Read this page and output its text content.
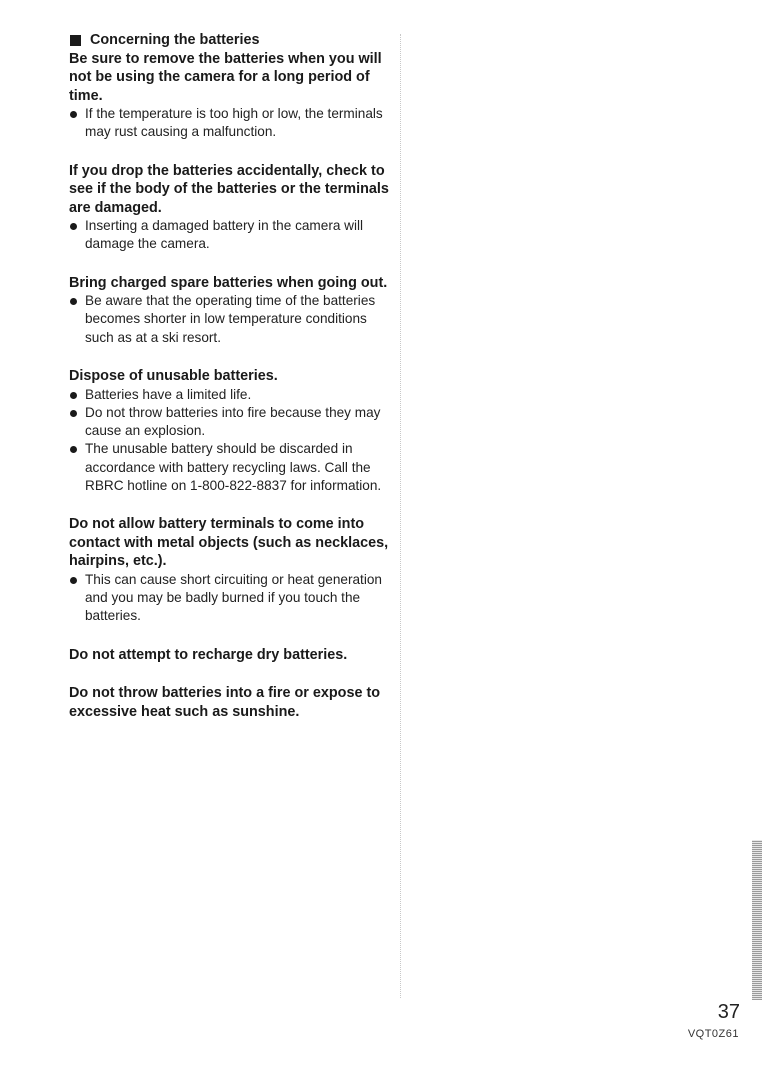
Concerning the batteries

Be sure to remove the batteries when you will not be using the camera for a long period of time.

If the temperature is too high or low, the terminals may rust causing a malfunction.

If you drop the batteries accidentally, check to see if the body of the batteries or the terminals are damaged.

Inserting a damaged battery in the camera will damage the camera.

Bring charged spare batteries when going out.

Be aware that the operating time of the batteries becomes shorter in low temperature conditions such as at a ski resort.

Dispose of unusable batteries.

Batteries have a limited life.
Do not throw batteries into fire because they may cause an explosion.
The unusable battery should be discarded in accordance with battery recycling laws. Call the RBRC hotline on 1-800-822-8837 for information.

Do not allow battery terminals to come into contact with metal objects (such as necklaces, hairpins, etc.).

This can cause short circuiting or heat generation and you may be badly burned if you touch the batteries.

Do not attempt to recharge dry batteries.

Do not throw batteries into a fire or expose to excessive heat such as sunshine.

37
VQT0Z61
